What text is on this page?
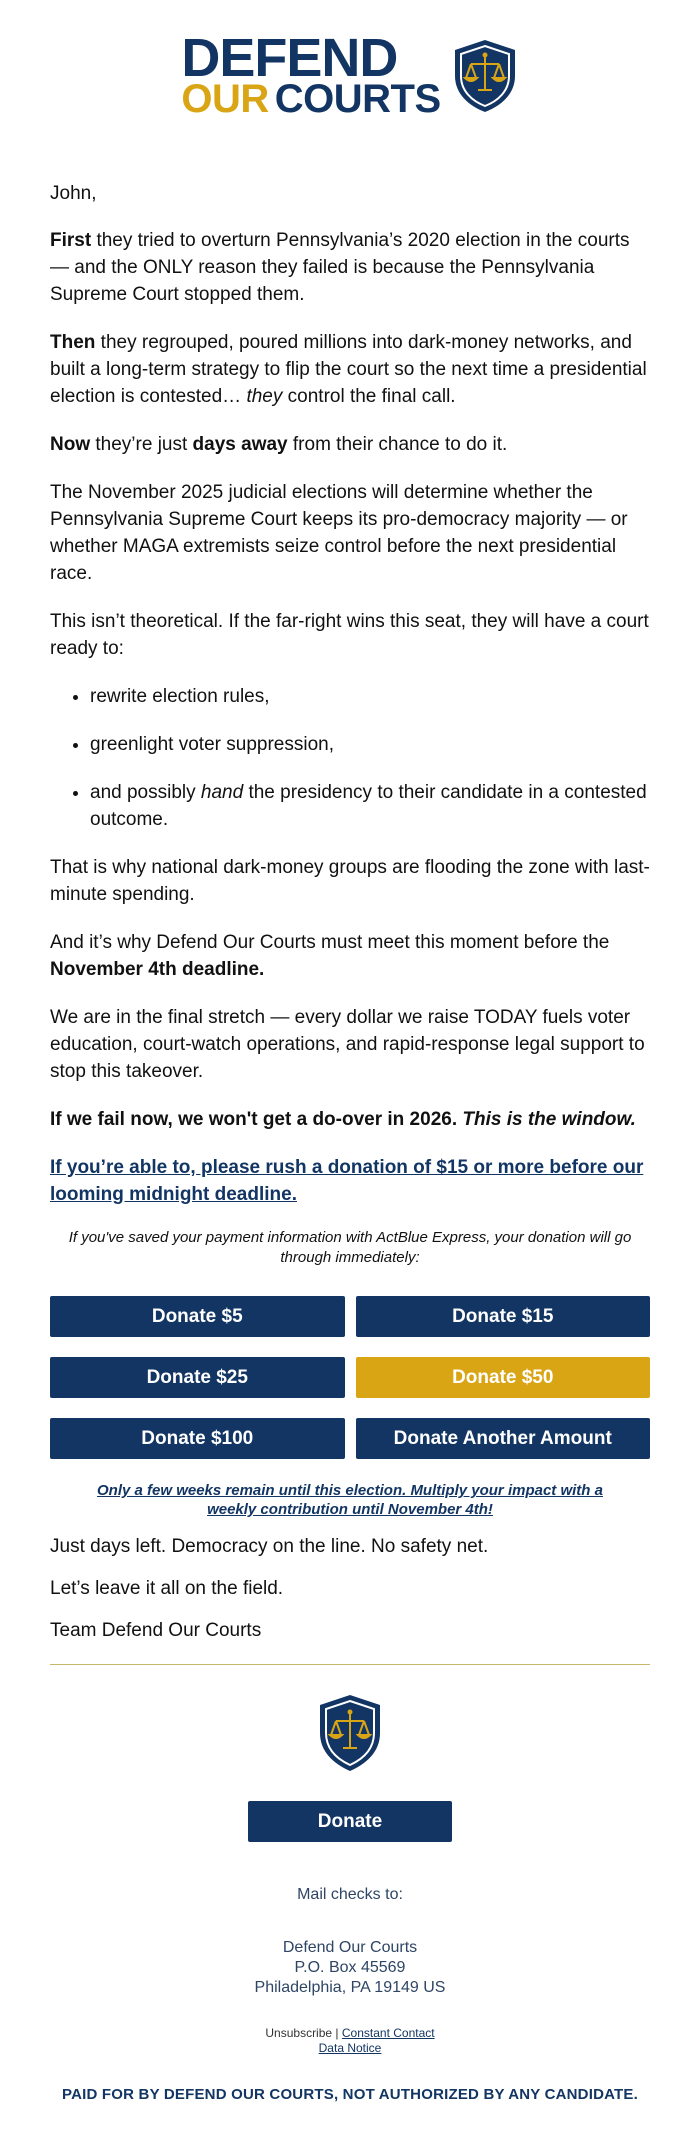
DEFEND
OUR COURTS

John,

First they tried to overturn Pennsylvania’s 2020 election in the courts — and the ONLY reason they failed is because the Pennsylvania Supreme Court stopped them.

Then they regrouped, poured millions into dark-money networks, and built a long-term strategy to flip the court so the next time a presidential election is contested… they control the final call.

Now they’re just days away from their chance to do it.

The November 2025 judicial elections will determine whether the Pennsylvania Supreme Court keeps its pro-democracy majority — or whether MAGA extremists seize control before the next presidential race.

This isn’t theoretical. If the far-right wins this seat, they will have a court ready to:

• rewrite election rules,
• greenlight voter suppression,
• and possibly hand the presidency to their candidate in a contested outcome.

That is why national dark-money groups are flooding the zone with last-minute spending.

And it’s why Defend Our Courts must meet this moment before the November 4th deadline.

We are in the final stretch — every dollar we raise TODAY fuels voter education, court-watch operations, and rapid-response legal support to stop this takeover.

If we fail now, we won't get a do-over in 2026. This is the window.

If you’re able to, please rush a donation of $15 or more before our looming midnight deadline.

If you've saved your payment information with ActBlue Express, your donation will go through immediately:

Donate $5	Donate $15
Donate $25	Donate $50
Donate $100	Donate Another Amount
Only a few weeks remain until this election. Multiply your impact with a weekly contribution until November 4th!

Just days left. Democracy on the line. No safety net.

Let’s leave it all on the field.

Team Defend Our Courts

Donate
Mail checks to:
Defend Our Courts
P.O. Box 45569
Philadelphia, PA 19149 US
Unsubscribe | Constant Contact
Data Notice
PAID FOR BY DEFEND OUR COURTS, NOT AUTHORIZED BY ANY CANDIDATE.
